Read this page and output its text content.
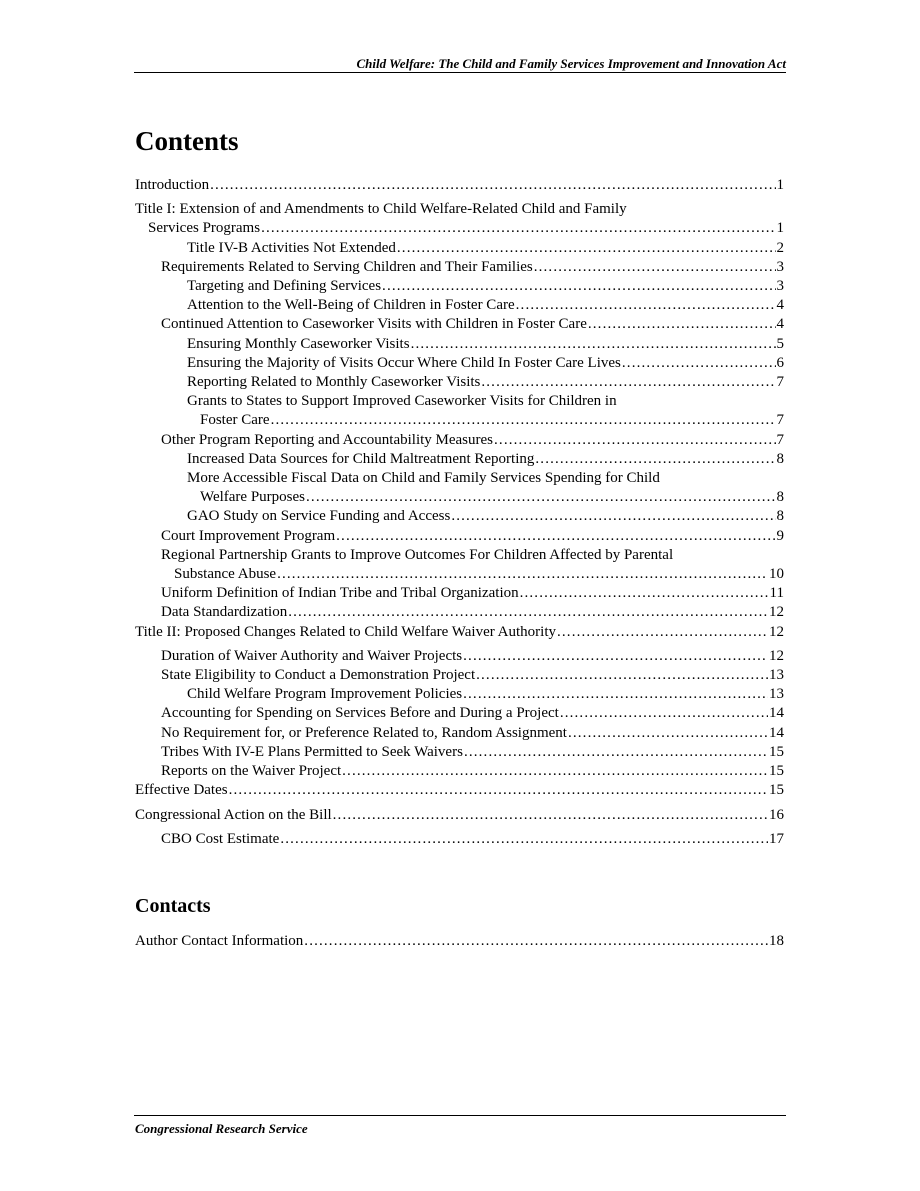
Child Welfare: The Child and Family Services Improvement and Innovation Act
Contents
Introduction . . .	1
Title I: Extension of and Amendments to Child Welfare-Related Child and Family
Services Programs . . .	1
Title IV-B Activities Not Extended . . .	2
Requirements Related to Serving Children and Their Families . . .	3
Targeting and Defining Services . . .	3
Attention to the Well-Being of Children in Foster Care . . .	4
Continued Attention to Caseworker Visits with Children in Foster Care . . .	4
Ensuring Monthly Caseworker Visits . . .	5
Ensuring the Majority of Visits Occur Where Child In Foster Care Lives . . .	6
Reporting Related to Monthly Caseworker Visits . . .	7
Grants to States to Support Improved Caseworker Visits for Children in
Foster Care . . .	7
Other Program Reporting and Accountability Measures . . .	7
Increased Data Sources for Child Maltreatment Reporting . . .	8
More Accessible Fiscal Data on Child and Family Services Spending for Child
Welfare Purposes . . .	8
GAO Study on Service Funding and Access . . .	8
Court Improvement Program . . .	9
Regional Partnership Grants to Improve Outcomes For Children Affected by Parental
Substance Abuse . . .	10
Uniform Definition of Indian Tribe and Tribal Organization . . .	11
Data Standardization . . .	12
Title II: Proposed Changes Related to Child Welfare Waiver Authority . . .	12
Duration of Waiver Authority and Waiver Projects . . .	12
State Eligibility to Conduct a Demonstration Project . . .	13
Child Welfare Program Improvement Policies . . .	13
Accounting for Spending on Services Before and During a Project . . .	14
No Requirement for, or Preference Related to, Random Assignment . . .	14
Tribes With IV-E Plans Permitted to Seek Waivers . . .	15
Reports on the Waiver Project . . .	15
Effective Dates . . .	15
Congressional Action on the Bill . . .	16
CBO Cost Estimate . . .	17
Contacts
Author Contact Information . . .	18
Congressional Research Service
